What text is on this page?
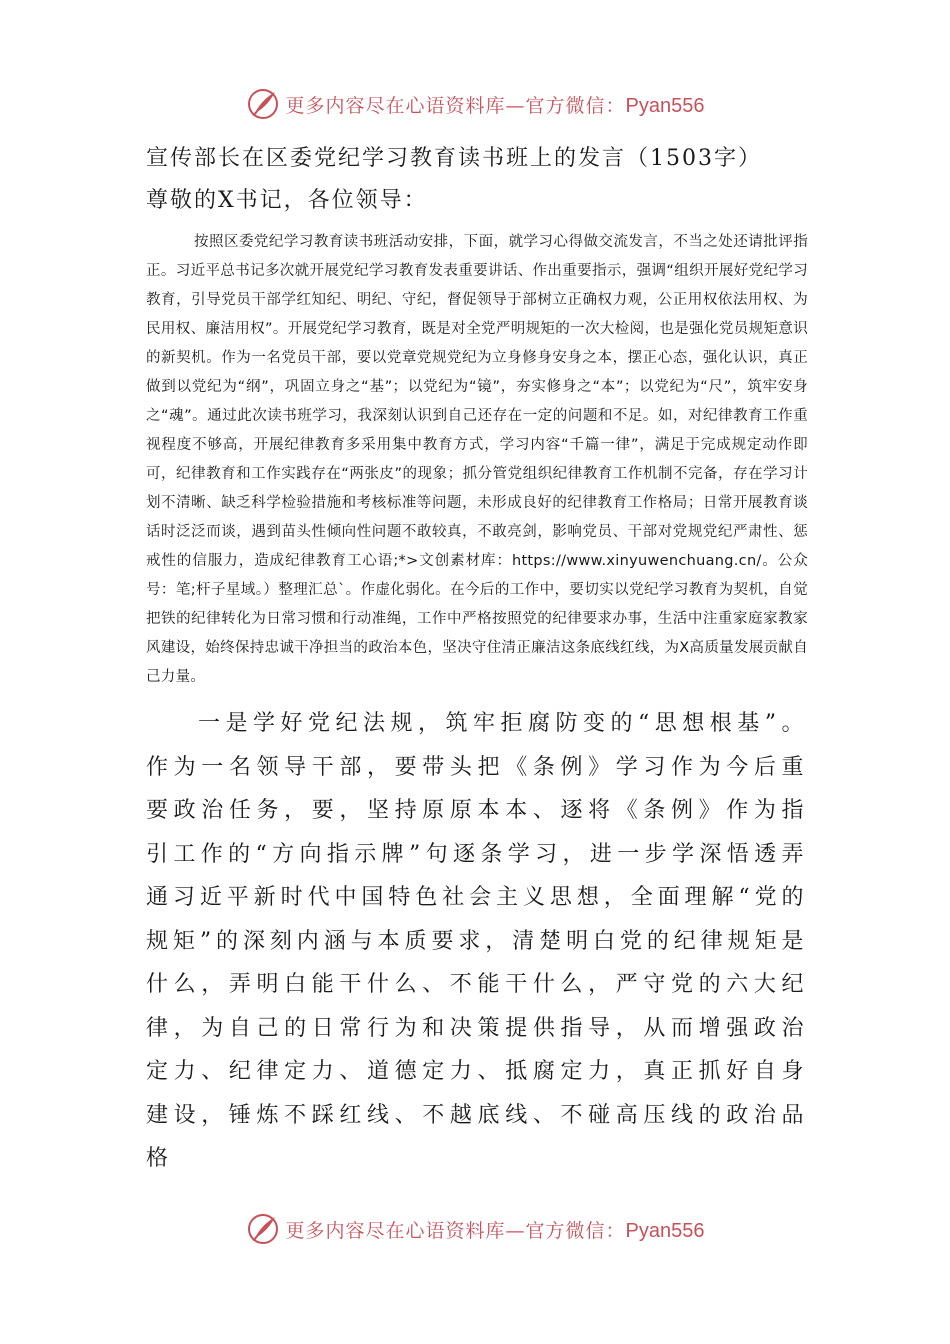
更多内容尽在心语资料库—官方微信：Pyan556
宣传部长在区委党纪学习教育读书班上的发言（1503字）

尊敬的X书记，各位领导：

按照区委党纪学习教育读书班活动安排，下面，就学习心得做交流发言，不当之处还请批评指正。习近平总书记多次就开展党纪学习教育发表重要讲话、作出重要指示，强调“组织开展好党纪学习教育，引导党员干部学红知纪、明纪、守纪，督促领导于部树立正确权力观，公正用权依法用权、为民用权、廉洁用权”。开展党纪学习教育，既是对全党严明规矩的一次大检阅，也是强化党员规矩意识的新契机。作为一名党员干部，要以党章党规党纪为立身修身安身之本，摆正心态，强化认识，真正做到以党纪为“纲”，巩固立身之“基”；以党纪为“镜”，夯实修身之“本”；以党纪为“尺”，筑牢安身之“魂”。通过此次读书班学习，我深刻认识到自己还存在一定的问题和不足。如，对纪律教育工作重视程度不够高，开展纪律教育多采用集中教育方式，学习内容“千篇一律”，满足于完成规定动作即可，纪律教育和工作实践存在“两张皮”的现象；抓分管党组织纪律教育工作机制不完备，存在学习计划不清晰、缺乏科学检验措施和考核标准等问题，未形成良好的纪律教育工作格局；日常开展教育谈话时泛泛而谈，遇到苗头性倾向性问题不敢较真，不敢亮剑，影响党员、干部对党规党纪严肃性、惩戒性的信服力，造成纪律教育工心语;*>文创素材库：https://www.xinyuwenchuang.cn/。公众号：笔;杆子星域。）整理汇总`。作虚化弱化。在今后的工作中，要切实以党纪学习教育为契机，自觉把铁的纪律转化为日常习惯和行动准绳，工作中严格按照党的纪律要求办事，生活中注重家庭家教家风建设，始终保持忠诚干净担当的政治本色，坚决守住清正廉洁这条底线红线，为X高质量发展贡献自己力量。

一是学好党纪法规，筑牢拒腐防变的“思想根基”。作为一名领导干部，要带头把《条例》学习作为今后重要政治任务，要，坚持原原本本、逐将《条例》作为指引工作的“方向指示牌”句逐条学习，进一步学深悟透弄通习近平新时代中国特色社会主义思想，全面理解“党的规矩”的深刻内涵与本质要求，清楚明白党的纪律规矩是什么，弄明白能干什么、不能干什么，严守党的六大纪律，为自己的日常行为和决策提供指导，从而增强政治定力、纪律定力、道德定力、抵腐定力，真正抓好自身建设，锤炼不踩红线、不越底线、不碰高压线的政治品格

更多内容尽在心语资料库—官方微信：Pyan556
